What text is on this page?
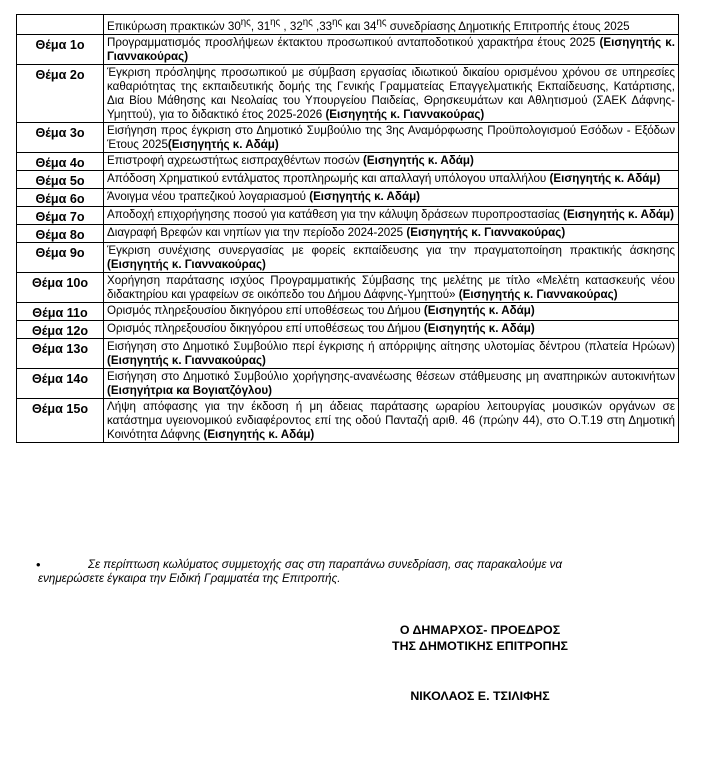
	Επικύρωση πρακτικών $30^{\eta\varsigma}$, $31^{\eta\varsigma}$ , $32^{\eta\varsigma}$ $,33^{\eta\varsigma}$ και $34^{\eta\varsigma}$ συνεδρίασης Δημοτικής Επιτροπής έτους 2025
Θέμα 1ο	Προγραμματισμός προσλήψεων έκτακτου προσωπικού ανταποδοτικού χαρακτήρα έτους 2025 (Εισηγητής κ. Γιαννακούρας)
Θέμα 2ο	Έγκριση πρόσληψης προσωπικού με σύμβαση εργασίας ιδιωτικού δικαίου ορισμένου χρόνου σε υπηρεσίες καθαριότητας της εκπαιδευτικής δομής της Γενικής Γραμματείας Επαγγελματικής Εκπαίδευσης, Κατάρτισης, Δια Βίου Μάθησης και Νεολαίας του Υπουργείου Παιδείας, Θρησκευμάτων και Αθλητισμού (ΣΑΕΚ Δάφνης-Υμηττού), για το διδακτικό έτος 2025-2026 (Εισηγητής κ. Γιαννακούρας)
Θέμα 3ο	Εισήγηση προς έγκριση στο Δημοτικό Συμβούλιο της 3ης Αναμόρφωσης Προϋπολογισμού Εσόδων - Εξόδων Έτους 2025(Εισηγητής κ. Αδάμ)
Θέμα 4ο	Επιστροφή αχρεωστήτως εισπραχθέντων ποσών (Εισηγητής κ. Αδάμ)
Θέμα 5ο	Απόδοση Χρηματικού εντάλματος προπληρωμής και απαλλαγή υπόλογου υπαλλήλου (Εισηγητής κ. Αδάμ)
Θέμα 6ο	Άνοιγμα νέου τραπεζικού λογαριασμού (Εισηγητής κ. Αδάμ)
Θέμα 7ο	Αποδοχή επιχορήγησης ποσού για κατάθεση για την κάλυψη δράσεων πυροπροστασίας (Εισηγητής κ. Αδάμ)
Θέμα 8ο	Διαγραφή Βρεφών και νηπίων για την περίοδο 2024-2025 (Εισηγητής κ. Γιαννακούρας)
Θέμα 9ο	Έγκριση συνέχισης συνεργασίας με φορείς εκπαίδευσης για την πραγματοποίηση πρακτικής άσκησης (Εισηγητής κ. Γιαννακούρας)
Θέμα 10ο	Χορήγηση παράτασης ισχύος Προγραμματικής Σύμβασης της μελέτης με τίτλο «Μελέτη κατασκευής νέου διδακτηρίου και γραφείων σε οικόπεδο του Δήμου Δάφνης-Υμηττού» (Εισηγητής κ. Γιαννακούρας)
Θέμα 11ο	Ορισμός πληρεξουσίου δικηγόρου επί υποθέσεως του Δήμου (Εισηγητής κ. Αδάμ)
Θέμα 12ο	Ορισμός πληρεξουσίου δικηγόρου επί υποθέσεως του Δήμου (Εισηγητής κ. Αδάμ)
Θέμα 13ο	Εισήγηση στο Δημοτικό Συμβούλιο περί έγκρισης ή απόρριψης αίτησης υλοτομίας δέντρου (πλατεία Ηρώων) (Εισηγητής κ. Γιαννακούρας)
Θέμα 14ο	Εισήγηση στο Δημοτικό Συμβούλιο χορήγησης-ανανέωσης θέσεων στάθμευσης μη αναπηρικών αυτοκινήτων (Εισηγήτρια κα Βογιατζόγλου)
Θέμα 15ο	Λήψη απόφασης για την έκδοση ή μη άδειας παράτασης ωραρίου λειτουργίας μουσικών οργάνων σε κατάστημα υγειονομικού ενδιαφέροντος επί της οδού Πανταζή αριθ. 46 (πρώην 44), στο Ο.Τ.19 στη Δημοτική Κοινότητα Δάφνης (Εισηγητής κ. Αδάμ)
•	Σε περίπτωση κωλύματος συμμετοχής σας στη παραπάνω συνεδρίαση, σας παρακαλούμε να
ενημερώσετε έγκαιρα την Ειδική Γραμματέα της Επιτροπής.
Ο ΔΗΜΑΡΧΟΣ- ΠΡΟΕΔΡΟΣ
ΤΗΣ ΔΗΜΟΤΙΚΗΣ ΕΠΙΤΡΟΠΗΣ
ΝΙΚΟΛΑΟΣ Ε. ΤΣΙΛΙΦΗΣ
